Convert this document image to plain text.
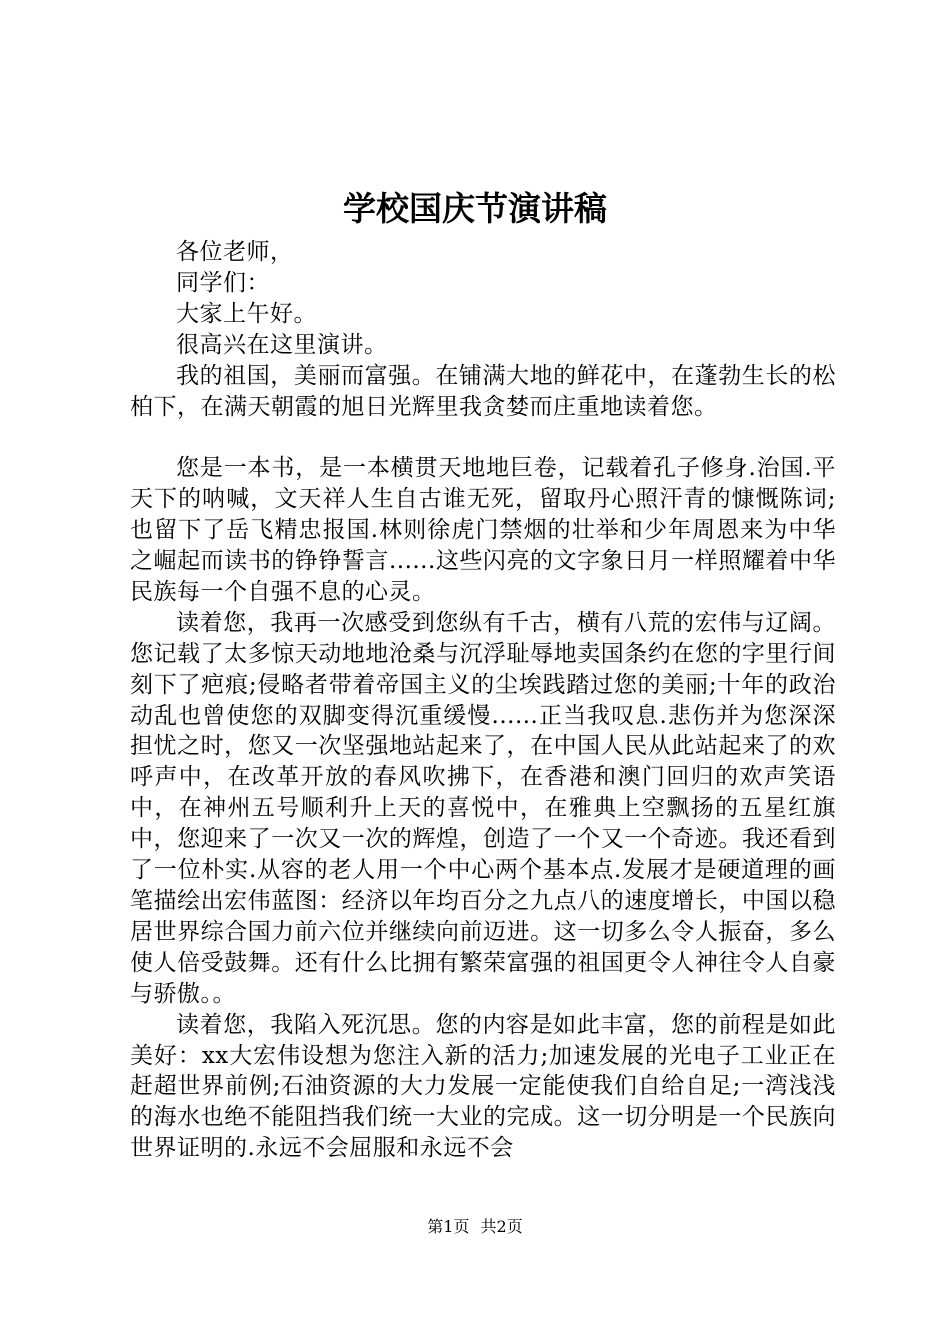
学校国庆节演讲稿

各位老师，

同学们：

大家上午好。

很高兴在这里演讲。

我的祖国，美丽而富强。在铺满大地的鲜花中，在蓬勃生长的松柏下，在满天朝霞的旭日光辉里我贪婪而庄重地读着您。

您是一本书，是一本横贯天地地巨卷，记载着孔子修身.治国.平天下的呐喊，文天祥人生自古谁无死，留取丹心照汗青的慷慨陈词;也留下了岳飞精忠报国.林则徐虎门禁烟的壮举和少年周恩来为中华之崛起而读书的铮铮誓言......这些闪亮的文字象日月一样照耀着中华民族每一个自强不息的心灵。

读着您，我再一次感受到您纵有千古，横有八荒的宏伟与辽阔。您记载了太多惊天动地地沧桑与沉浮耻辱地卖国条约在您的字里行间刻下了疤痕;侵略者带着帝国主义的尘埃践踏过您的美丽;十年的政治动乱也曾使您的双脚变得沉重缓慢......正当我叹息.悲伤并为您深深担忧之时，您又一次坚强地站起来了，在中国人民从此站起来了的欢呼声中，在改革开放的春风吹拂下，在香港和澳门回归的欢声笑语中，在神州五号顺利升上天的喜悦中，在雅典上空飘扬的五星红旗中，您迎来了一次又一次的辉煌，创造了一个又一个奇迹。我还看到了一位朴实.从容的老人用一个中心两个基本点.发展才是硬道理的画笔描绘出宏伟蓝图：经济以年均百分之九点八的速度增长，中国以稳居世界综合国力前六位并继续向前迈进。这一切多么令人振奋，多么使人倍受鼓舞。还有什么比拥有繁荣富强的祖国更令人神往令人自豪与骄傲。。

读着您，我陷入死沉思。您的内容是如此丰富，您的前程是如此美好：xx大宏伟设想为您注入新的活力;加速发展的光电子工业正在赶超世界前例;石油资源的大力发展一定能使我们自给自足;一湾浅浅的海水也绝不能阻挡我们统一大业的完成。这一切分明是一个民族向世界证明的.永远不会屈服和永远不会

第1页 共2页
